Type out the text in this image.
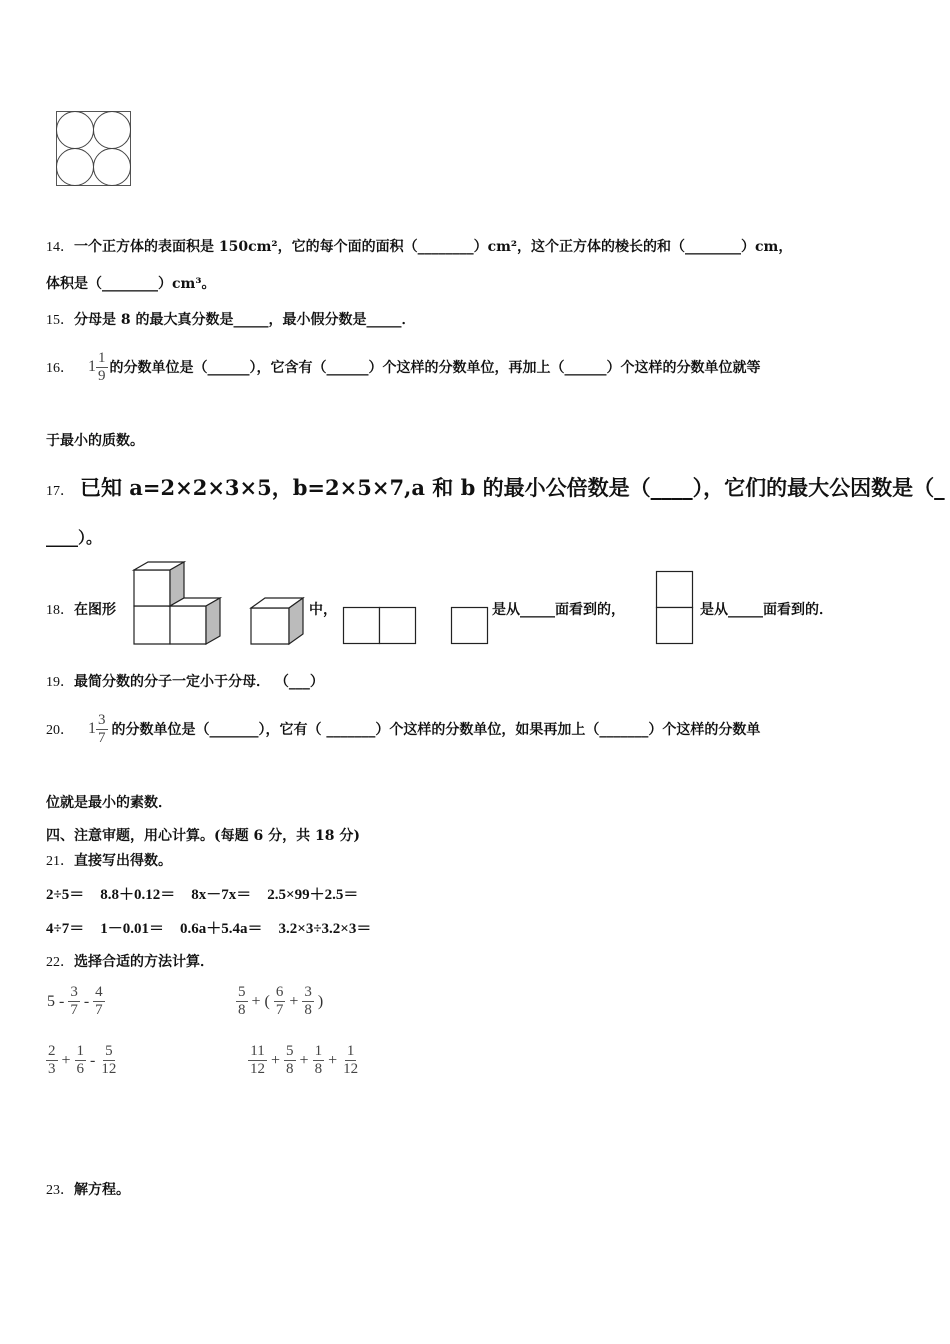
14．一个正方体的表面积是 150cm²，它的每个面的面积（________）cm²，这个正方体的棱长的和（________）cm，
体积是（________）cm³。
15．分母是 8 的最大真分数是_____，最小假分数是_____．
16． $1 \frac{1}{9}$ 的分数单位是（______），它含有（______）个这样的分数单位，再加上（______）个这样的分数单位就等
于最小的质数。
17． 已知 a=2×2×3×5，b=2×5×7,a 和 b 的最小公倍数是（____），它们的最大公因数是（_
____）。
18．在图形	中，	是从_____面看到的，	是从_____面看到的．
19．最简分数的分子一定小于分母． （___）
20． $1 \frac{3}{7}$ 的分数单位是（_______），它有（ _______）个这样的分数单位，如果再加上（_______）个这样的分数单
位就是最小的素数．
四、注意审题，用心计算。(每题 6 分，共 18 分)
21．直接写出得数。
2÷5＝ 8.8＋0.12＝ 8x－7x＝ 2.5×99＋2.5＝
4÷7＝ 1－0.01＝ 0.6a＋5.4a＝ 3.2×3÷3.2×3＝
22．选择合适的方法计算．
$5 - \frac{3}{7} - \frac{4}{7}$	$\frac{5}{8}$ + ( $\frac{6}{7} + \frac{3}{8}$ )
$\frac{2}{3} + \frac{1}{6} - \frac{5}{12}$	$\frac{11}{12} + \frac{5}{8} + \frac{1}{8} + \frac{1}{12}$
23．解方程。
